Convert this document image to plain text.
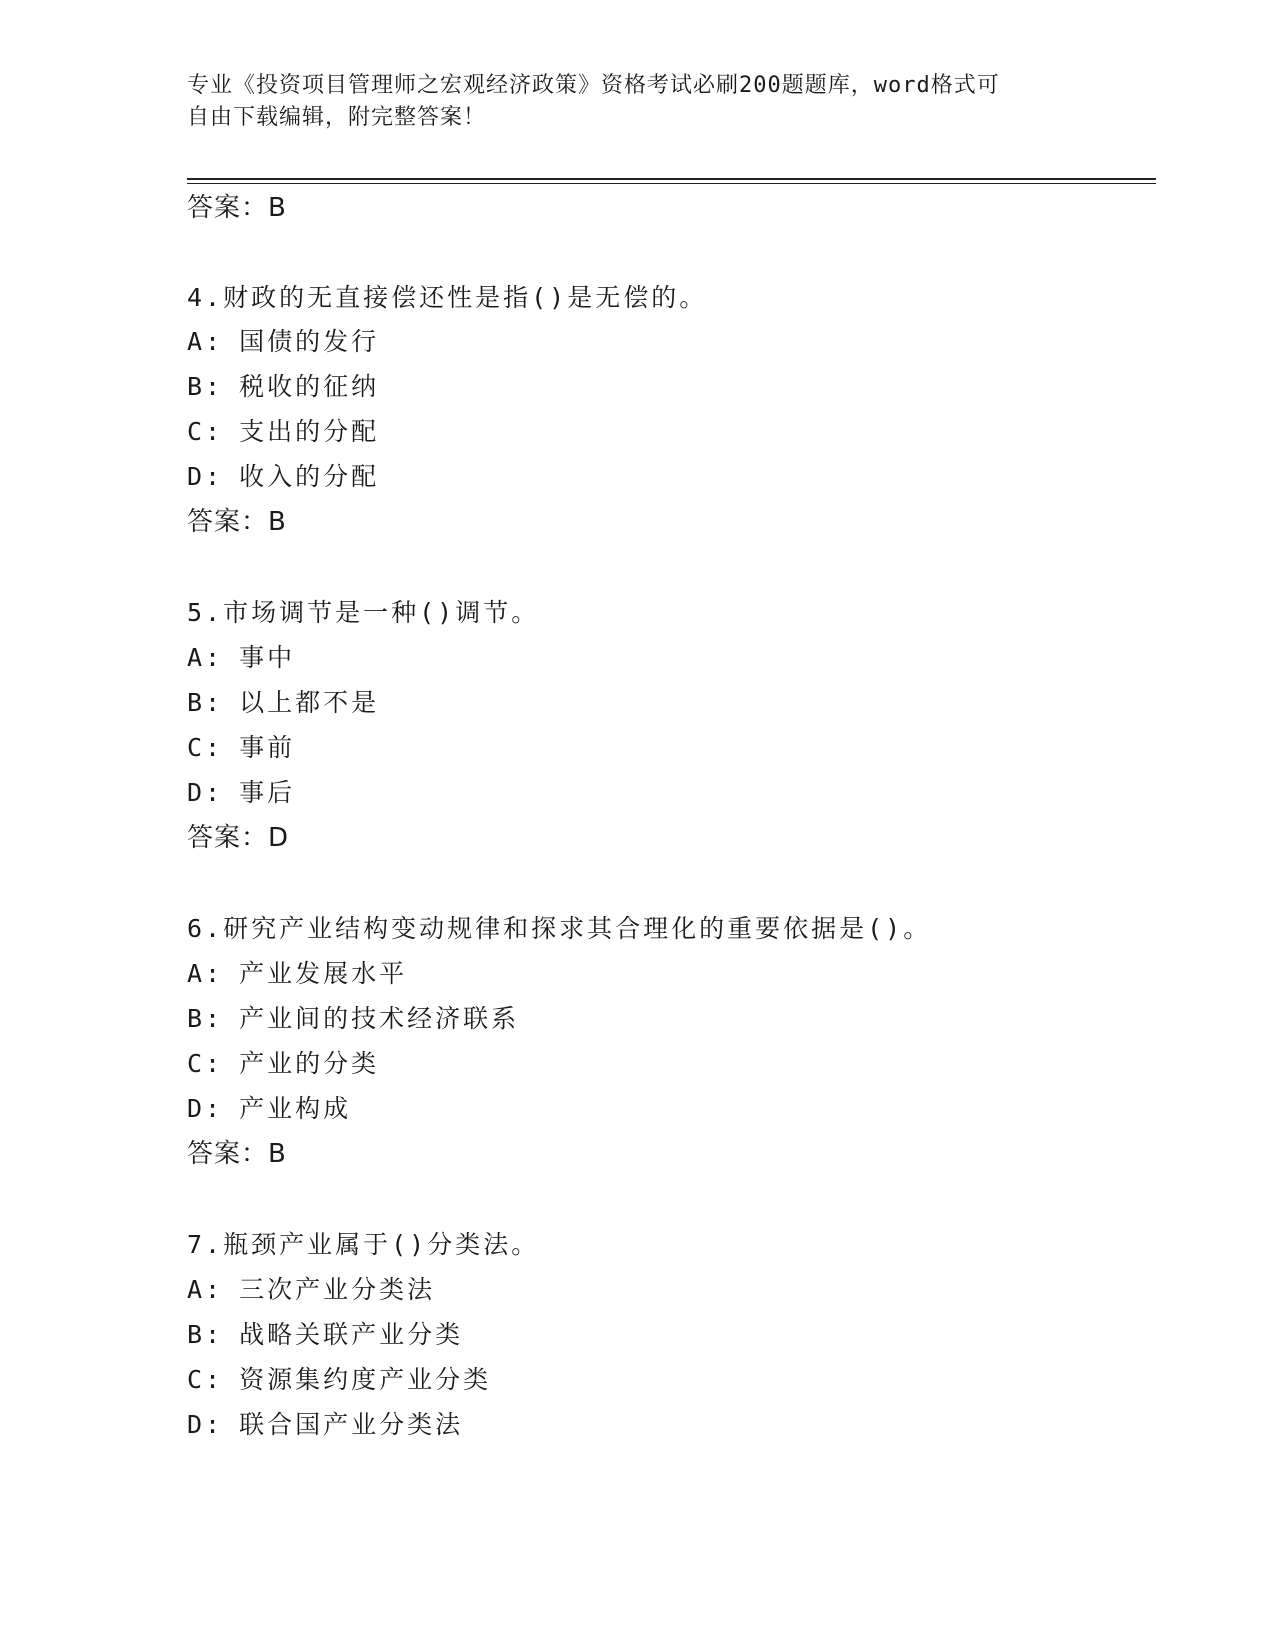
专业《投资项目管理师之宏观经济政策》资格考试必刷200题题库，word格式可
自由下载编辑，附完整答案！
答案：B
4.财政的无直接偿还性是指()是无偿的。
A: 国债的发行
B: 税收的征纳
C: 支出的分配
D: 收入的分配
答案：B
5.市场调节是一种()调节。
A: 事中
B: 以上都不是
C: 事前
D: 事后
答案：D
6.研究产业结构变动规律和探求其合理化的重要依据是()。
A: 产业发展水平
B: 产业间的技术经济联系
C: 产业的分类
D: 产业构成
答案：B
7.瓶颈产业属于()分类法。
A: 三次产业分类法
B: 战略关联产业分类
C: 资源集约度产业分类
D: 联合国产业分类法
